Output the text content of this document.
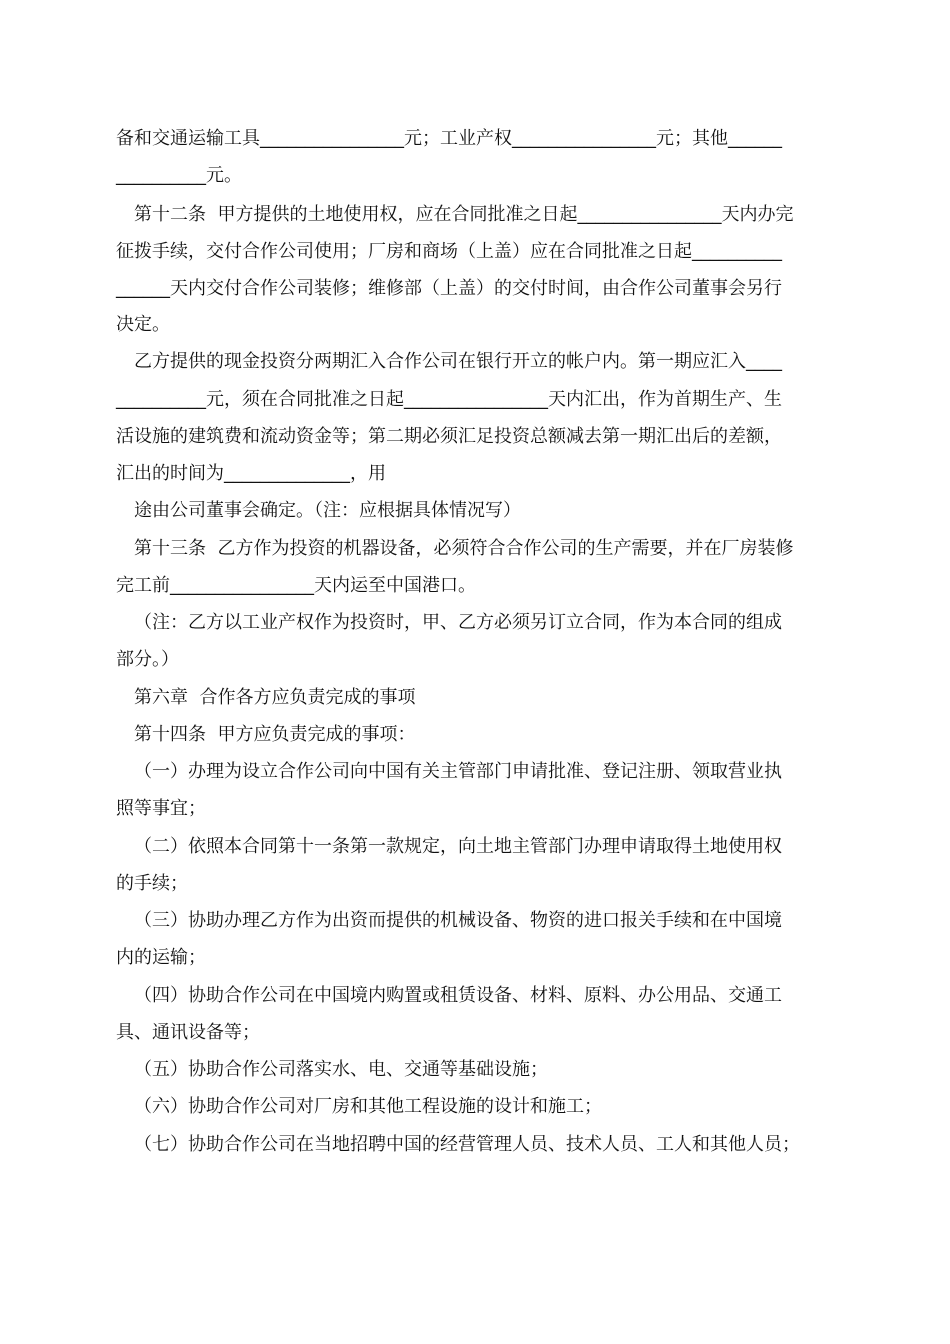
备和交通运输工具________________元；工业产权________________元；其他______
__________元。
第十二条  甲方提供的土地使用权，应在合同批准之日起________________天内办完
征拨手续，交付合作公司使用；厂房和商场（上盖）应在合同批准之日起__________
______天内交付合作公司装修；维修部（上盖）的交付时间，由合作公司董事会另行
决定。
乙方提供的现金投资分两期汇入合作公司在银行开立的帐户内。第一期应汇入____
__________元，须在合同批准之日起________________天内汇出，作为首期生产、生
活设施的建筑费和流动资金等；第二期必须汇足投资总额减去第一期汇出后的差额，
汇出的时间为______________，用
途由公司董事会确定。（注：应根据具体情况写）
第十三条  乙方作为投资的机器设备，必须符合合作公司的生产需要，并在厂房装修
完工前________________天内运至中国港口。
（注：乙方以工业产权作为投资时，甲、乙方必须另订立合同，作为本合同的组成
部分。）
第六章  合作各方应负责完成的事项
第十四条  甲方应负责完成的事项：
（一）办理为设立合作公司向中国有关主管部门申请批准、登记注册、领取营业执
照等事宜；
（二）依照本合同第十一条第一款规定，向土地主管部门办理申请取得土地使用权
的手续；
（三）协助办理乙方作为出资而提供的机械设备、物资的进口报关手续和在中国境
内的运输；
（四）协助合作公司在中国境内购置或租赁设备、材料、原料、办公用品、交通工
具、通讯设备等；
（五）协助合作公司落实水、电、交通等基础设施；
（六）协助合作公司对厂房和其他工程设施的设计和施工；
（七）协助合作公司在当地招聘中国的经营管理人员、技术人员、工人和其他人员；
